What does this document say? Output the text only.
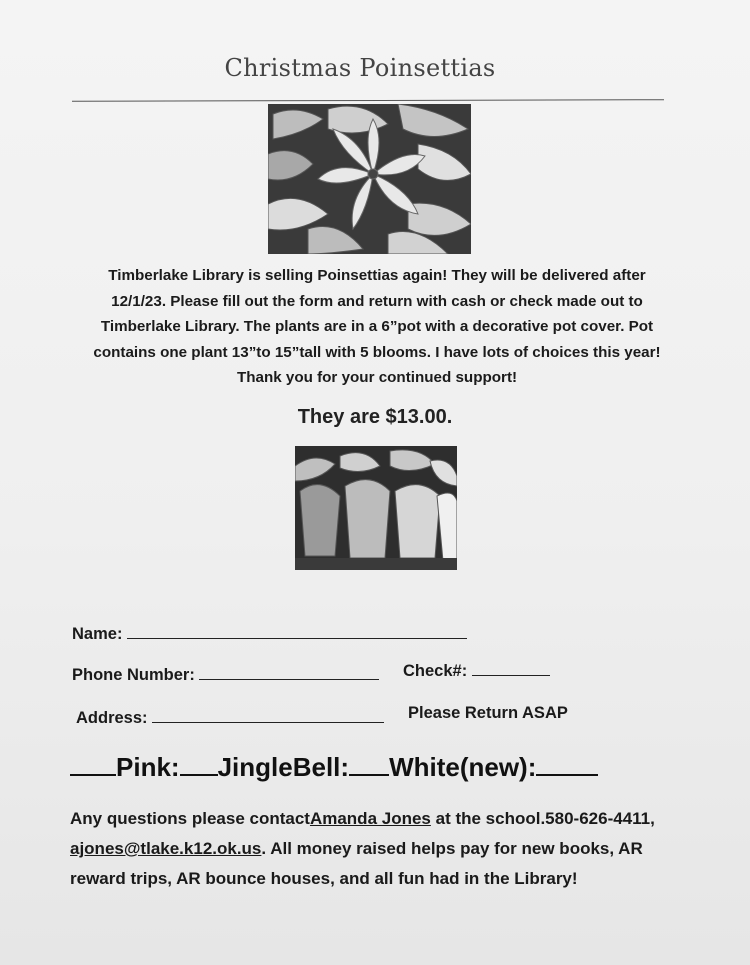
Christmas Poinsettias
Timberlake Library is selling Poinsettias again! They will be delivered after
12/1/23. Please fill out the form and return with cash or check made out to
Timberlake Library. The plants are in a 6”pot with a decorative pot cover. Pot
contains one plant 13”to 15”tall with 5 blooms. I have lots of choices this year!
Thank you for your continued support!
They are $13.00.
Name:
Phone Number:	Check#:
Address:	Please Return ASAP
Pink: JingleBell: White(new):
Any questions please contactAmanda Jones at the school.580-626-4411,
ajones@tlake.k12.ok.us. All money raised helps pay for new books, AR
reward trips, AR bounce houses, and all fun had in the Library!
